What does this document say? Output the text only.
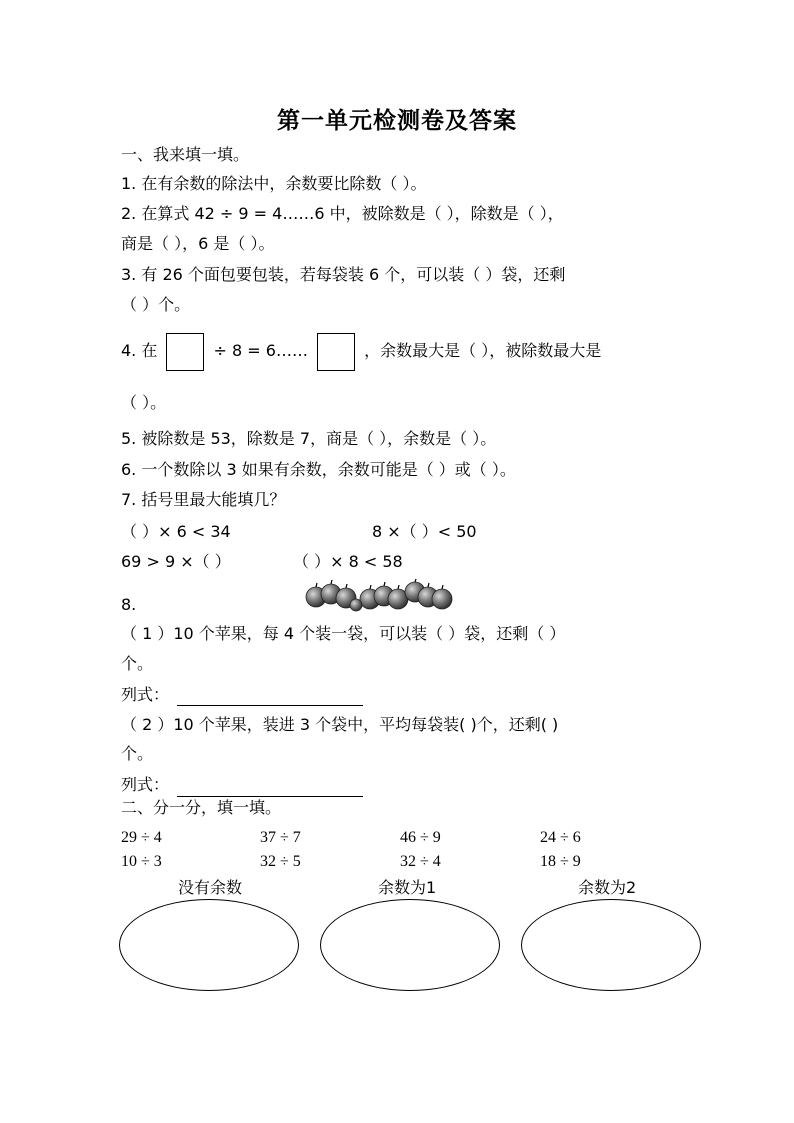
第一单元检测卷及答案
一、我来填一填。
1. 在有余数的除法中，余数要比除数（ ）。
2. 在算式 42 ÷ 9 = 4……6 中，被除数是（ ），除数是（ ），
商是（ ），6 是（ ）。
3. 有 26 个面包要包装，若每袋装 6 个，可以装（ ）袋，还剩
（ ）个。
4. 在	÷ 8 = 6……	，余数最大是（ ），被除数最大是
（ ）。
5. 被除数是 53，除数是 7，商是（ ），余数是（ ）。
6. 一个数除以 3 如果有余数，余数可能是（ ）或（ ）。
7. 括号里最大能填几？
（ ）× 6 < 34	8 ×（ ）< 50
69 > 9 ×（ ）	（ ）× 8 < 58
8.
（ 1 ）10 个苹果，每 4 个装一袋，可以装（ ）袋，还剩（ ）
个。
列式：
（ 2 ）10 个苹果，装进 3 个袋中，平均每袋装( )个，还剩( )
个。
列式：
二、分一分，填一填。
29 ÷ 4	37 ÷ 7	46 ÷ 9	24 ÷ 6
10 ÷ 3	32 ÷ 5	32 ÷ 4	18 ÷ 9
没有余数	余数为1	余数为2
